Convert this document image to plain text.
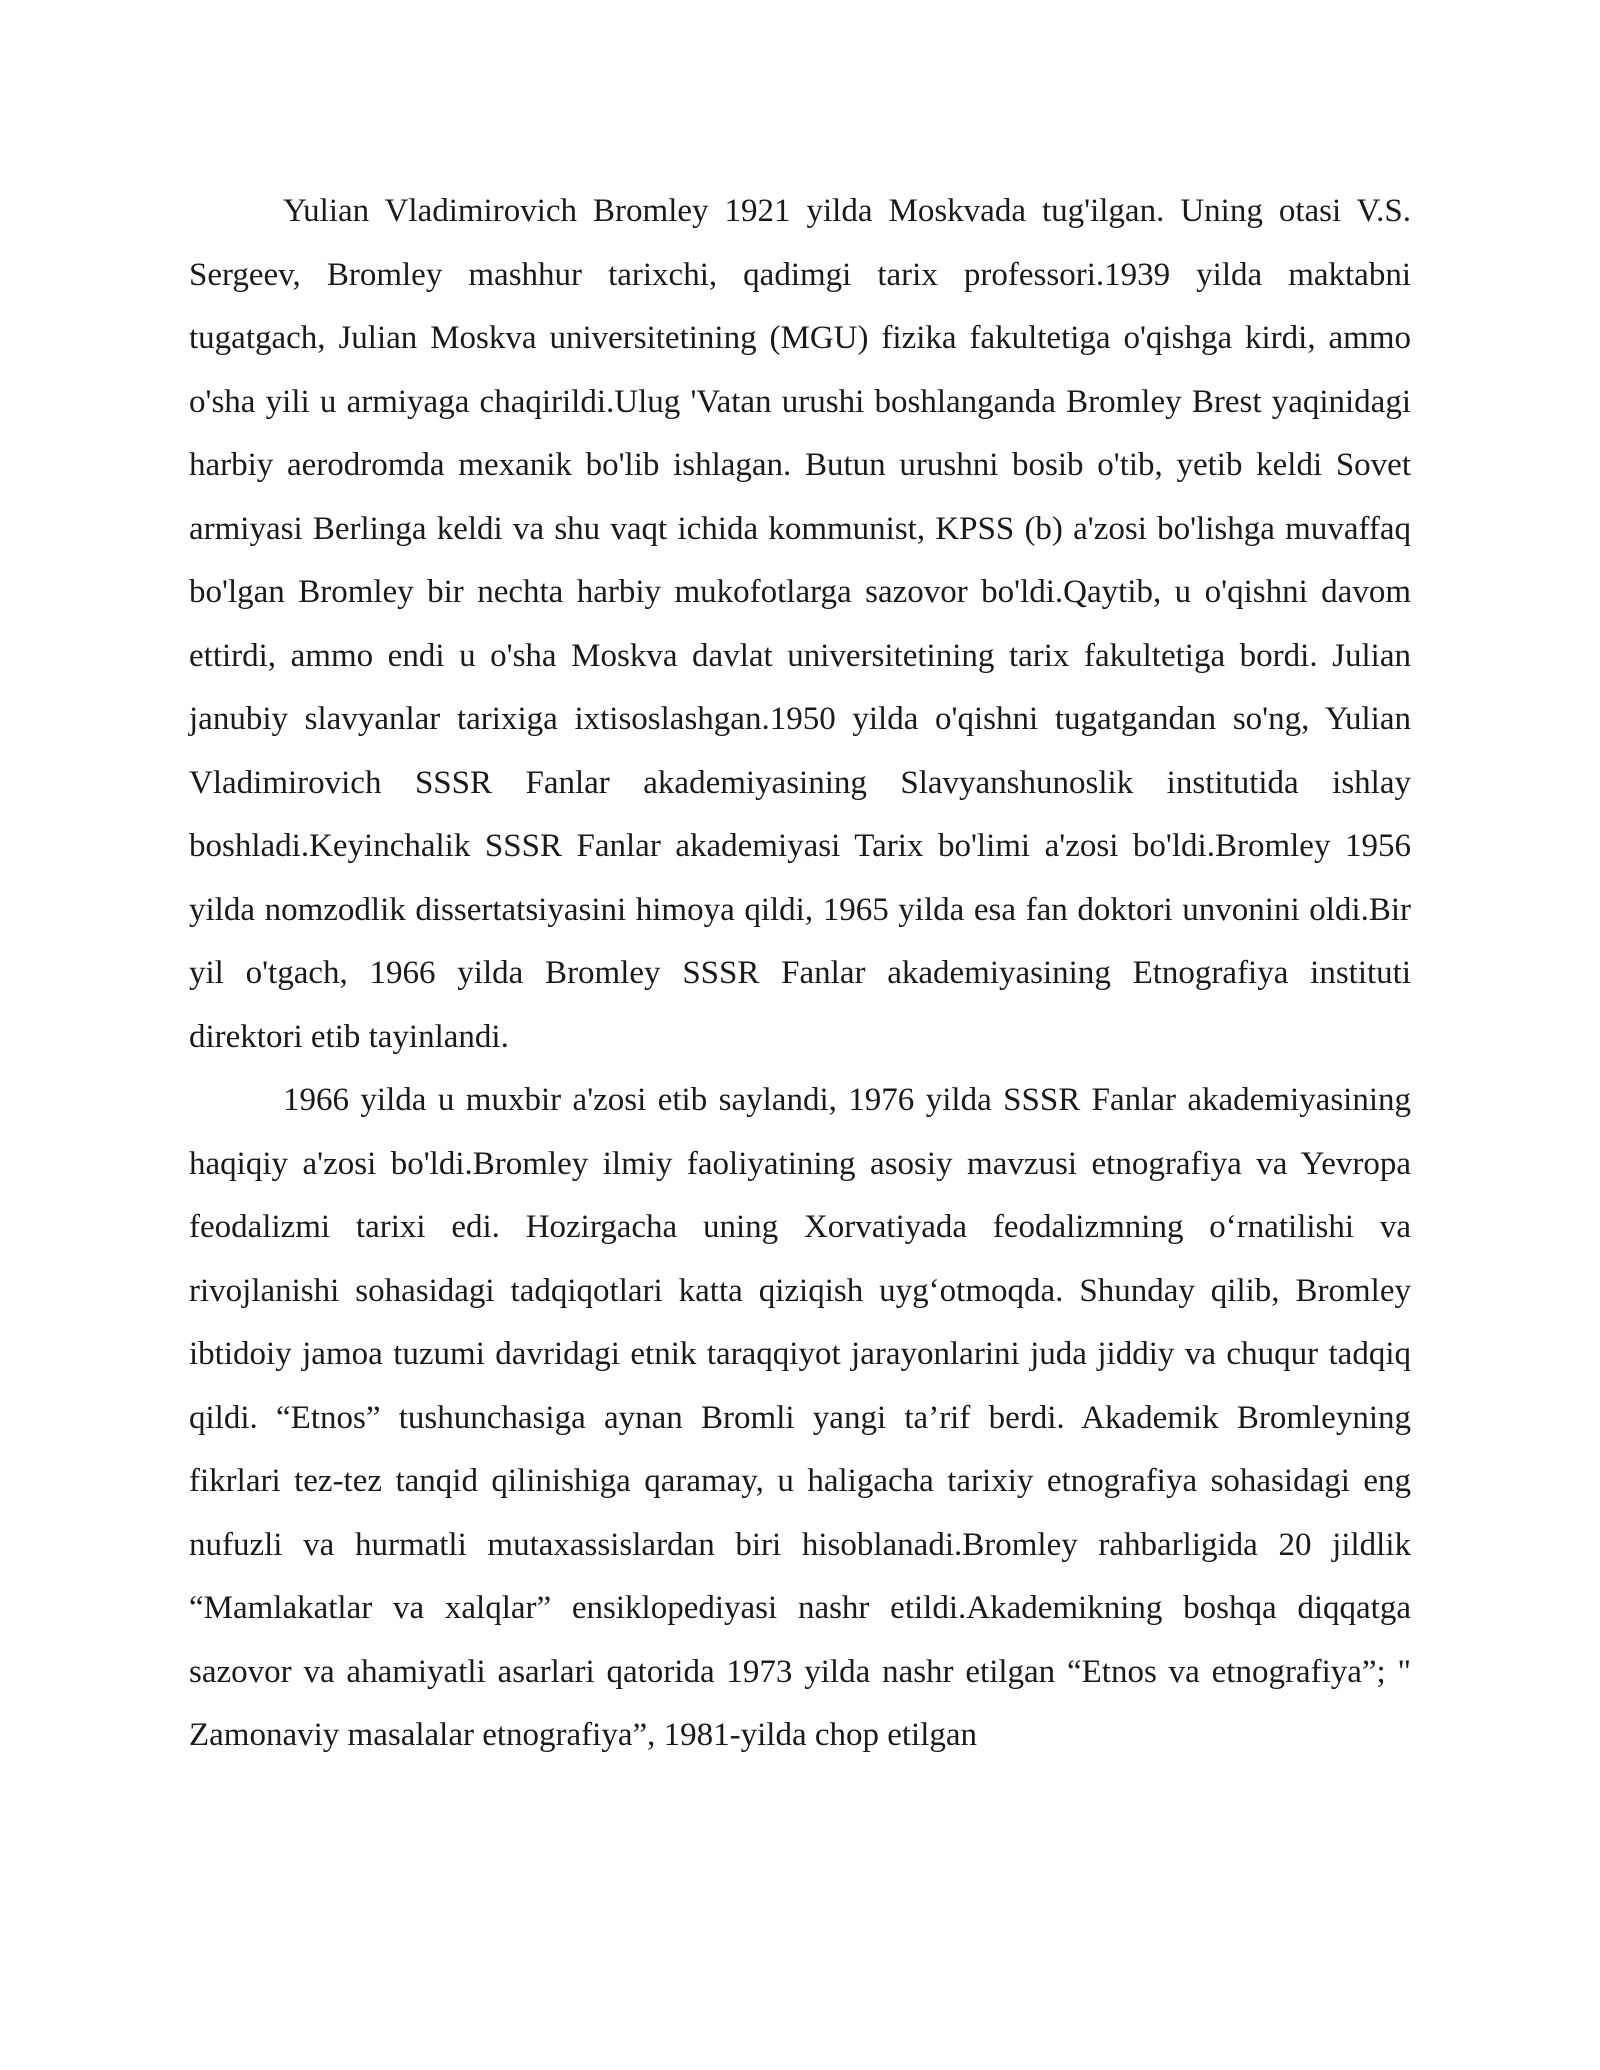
Yulian Vladimirovich Bromley 1921 yilda Moskvada tug'ilgan. Uning otasi V.S. Sergeev, Bromley mashhur tarixchi, qadimgi tarix professori.1939 yilda maktabni tugatgach, Julian Moskva universitetining (MGU) fizika fakultetiga o'qishga kirdi, ammo o'sha yili u armiyaga chaqirildi.Ulug 'Vatan urushi boshlanganda Bromley Brest yaqinidagi harbiy aerodromda mexanik bo'lib ishlagan. Butun urushni bosib o'tib, yetib keldi Sovet armiyasi Berlinga keldi va shu vaqt ichida kommunist, KPSS (b) a'zosi bo'lishga muvaffaq bo'lgan Bromley bir nechta harbiy mukofotlarga sazovor bo'ldi.Qaytib, u o'qishni davom ettirdi, ammo endi u o'sha Moskva davlat universitetining tarix fakultetiga bordi. Julian janubiy slavyanlar tarixiga ixtisoslashgan.1950 yilda o'qishni tugatgandan so'ng, Yulian Vladimirovich SSSR Fanlar akademiyasining Slavyanshunoslik institutida ishlay boshladi.Keyinchalik SSSR Fanlar akademiyasi Tarix bo'limi a'zosi bo'ldi.Bromley 1956 yilda nomzodlik dissertatsiyasini himoya qildi, 1965 yilda esa fan doktori unvonini oldi.Bir yil o'tgach, 1966 yilda Bromley SSSR Fanlar akademiyasining Etnografiya instituti direktori etib tayinlandi.

1966 yilda u muxbir a'zosi etib saylandi, 1976 yilda SSSR Fanlar akademiyasining haqiqiy a'zosi bo'ldi.Bromley ilmiy faoliyatining asosiy mavzusi etnografiya va Yevropa feodalizmi tarixi edi. Hozirgacha uning Xorvatiyada feodalizmning oʻrnatilishi va rivojlanishi sohasidagi tadqiqotlari katta qiziqish uygʻotmoqda. Shunday qilib, Bromley ibtidoiy jamoa tuzumi davridagi etnik taraqqiyot jarayonlarini juda jiddiy va chuqur tadqiq qildi. “Etnos” tushunchasiga aynan Bromli yangi ta’rif berdi. Akademik Bromleyning fikrlari tez-tez tanqid qilinishiga qaramay, u haligacha tarixiy etnografiya sohasidagi eng nufuzli va hurmatli mutaxassislardan biri hisoblanadi.Bromley rahbarligida 20 jildlik “Mamlakatlar va xalqlar” ensiklopediyasi nashr etildi.Akademikning boshqa diqqatga sazovor va ahamiyatli asarlari qatorida 1973 yilda nashr etilgan “Etnos va etnografiya”; " Zamonaviy masalalar etnografiya”, 1981-yilda chop etilgan
